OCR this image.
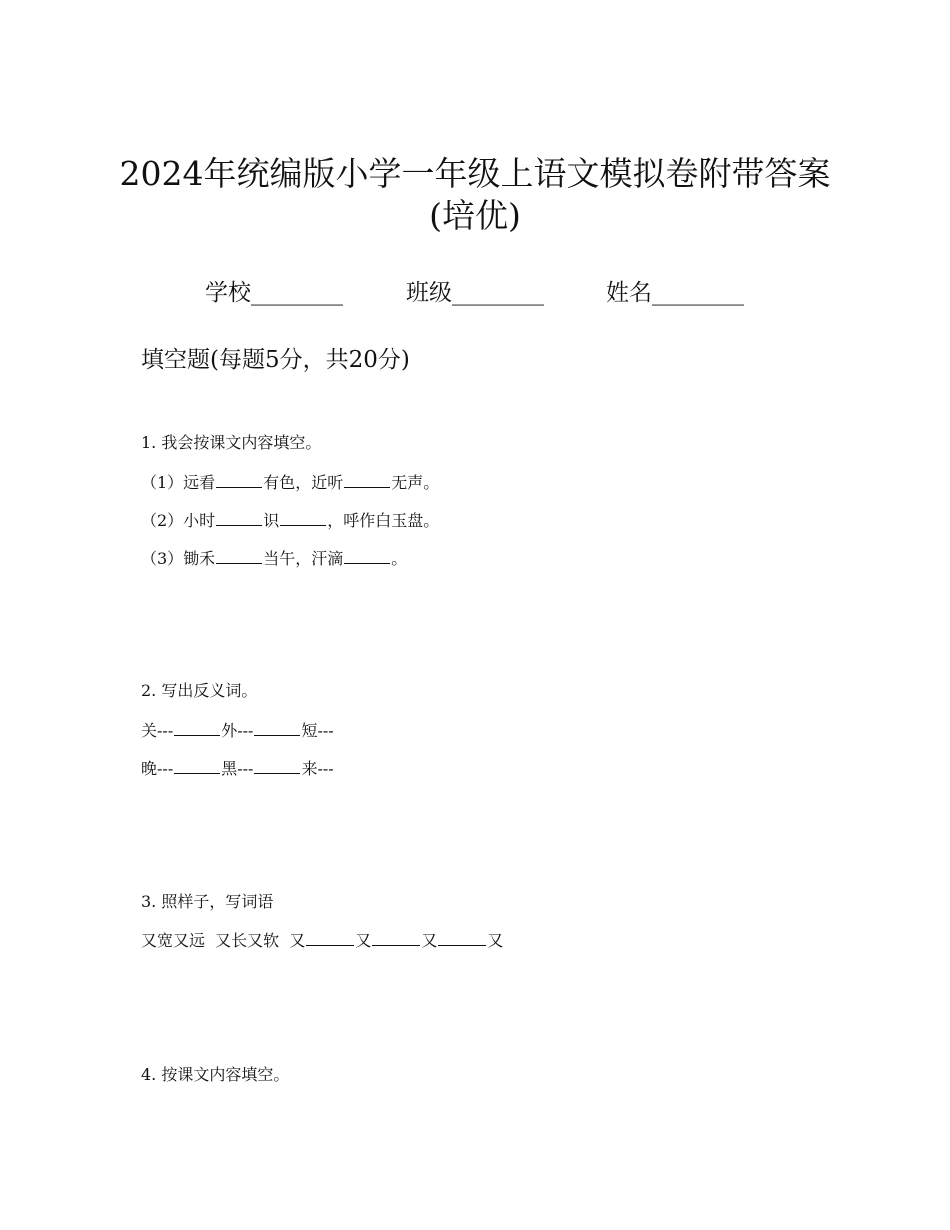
2024年统编版小学一年级上语文模拟卷附带答案
(培优)
学校________	班级________	姓名________
填空题(每题5分，共20分)
1. 我会按课文内容填空。
（1）远看	有色，近听	无声。
（2）小时	识	，呼作白玉盘。
（3）锄禾	当午，汗滴	。
2. 写出反义词。
关---	外---	短---
晚---	黑---	来---
3. 照样子，写词语
又宽又远  又长又软  又	又	又	又
4. 按课文内容填空。
